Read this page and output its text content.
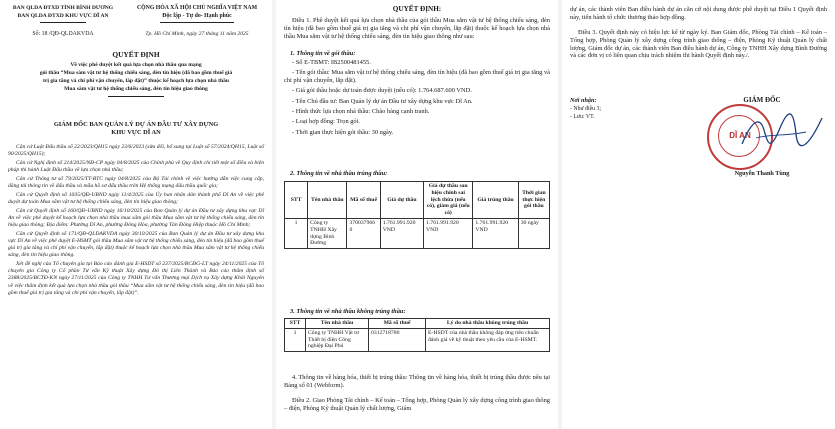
BAN QLDA ĐTXD TỈNH BÌNH DƯƠNG
BAN QLDA ĐTXD KHU VỰC DĨ AN
CỘNG HÒA XÃ HỘI CHỦ NGHĨA VIỆT NAM
Độc lập - Tự do- Hạnh phúc
Số: 18 /QĐ-QLDAKVDA	Tp. Hồ Chí Minh, ngày 27 tháng 11 năm 2025
QUYẾT ĐỊNH
Về việc phê duyệt kết quả lựa chọn nhà thầu qua mạng
gói thầu “Mua sắm vật tư hệ thống chiếu sáng, đèn tín hiệu (đã bao gồm thuế giá
trị gia tăng và chi phí vận chuyển, lắp đặt)” thuộc kế hoạch lựa chọn nhà thầu
Mua sắm vật tư hệ thống chiếu sáng, đèn tín hiệu giao thông
GIÁM ĐỐC BAN QUẢN LÝ DỰ ÁN ĐẦU TƯ XÂY DỰNG
KHU VỰC DĨ AN

Căn cứ Luật Đấu thầu số 22/2023/QH15 ngày 23/6/2023 (sửa đổi, bổ sung tại Luật số 57/2024/QH15, Luật số 90/2025/QH15);

Căn cứ Nghị định số 214/2025/NĐ-CP ngày 04/8/2025 của Chính phủ về Quy định chi tiết một số điều và biện pháp thi hành Luật Đấu thầu về lựa chọn nhà thầu;

Căn cứ Thông tư số 79/2025/TT-BTC ngày 04/8/2025 của Bộ Tài chính về việc hướng dẫn việc cung cấp, đăng tải thông tin về đấu thầu và mẫu hồ sơ đấu thầu trên Hệ thống mạng đấu thầu quốc gia;

Căn cứ Quyết định số 1035/QĐ-UBND ngày 11/4/2025 của Ủy ban nhân dân thành phố Dĩ An về việc phê duyệt dự toán Mua sắm vật tư hệ thống chiếu sáng, đèn tín hiệu giao thông;

Căn cứ Quyết định số 160/QĐ-UBND ngày 16/10/2025 của Ban Quản lý dự án Đầu tư xây dựng khu vực Dĩ An về việc phê duyệt kế hoạch lựa chọn nhà thầu mua sắm gói thầu Mua sắm vật tư hệ thống chiếu sáng, đèn tín hiệu giao thông; Địa điểm: Phường Dĩ An, phường Đông Hòa, phường Tân Đông Hiệp thuộc Hồ Chí Minh;

Căn cứ Quyết định số 171/QĐ-QLDAKVDA ngày 30/10/2025 của Ban Quản lý dự án Đầu tư xây dựng khu vực Dĩ An về việc phê duyệt E-HSMT gói thầu Mua sắm vật tư hệ thống chiếu sáng, đèn tín hiệu (đã bao gồm thuế giá trị gia tăng và chi phí vận chuyển, lắp đặt) thuộc kế hoạch lựa chọn nhà thầu Mua sắm vật tư hệ thống chiếu sáng, đèn tín hiệu giao thông.

Xét đề nghị của Tổ chuyên gia tại Báo cáo đánh giá E-HSDT số 237/2025/BCĐG-LT ngày 24/11/2025 của Tổ chuyên gia Công ty Cổ phần Tư vấn Kỹ thuật Xây dựng Đô thị Liên Thành và Báo cáo thẩm định số 2388/2025/BCTĐ-KN ngày 27/11/2025 của Công ty TNHH Tư vấn Thương mại Dịch vụ Xây dựng Khải Nguyên về việc thẩm định kết quả lựa chọn nhà thầu gói thầu “Mua sắm vật tư hệ thống chiếu sáng, đèn tín hiệu (đã bao gồm thuế giá trị gia tăng và chi phí vận chuyển, lắp đặt)”.

QUYẾT ĐỊNH:

Điều 1. Phê duyệt kết quả lựa chọn nhà thầu của gói thầu Mua sắm vật tư hệ thống chiếu sáng, đèn tín hiệu (đã bao gồm thuế giá trị gia tăng và chi phí vận chuyển, lắp đặt) thuộc kế hoạch lựa chọn nhà thầu Mua sắm vật tư hệ thống chiếu sáng, đèn tín hiệu giao thông như sau:

1. Thông tin về gói thầu:

- Số E-TBMT: IB2500481455.

- Tên gói thầu: Mua sắm vật tư hệ thống chiếu sáng, đèn tín hiệu (đã bao gồm thuế giá trị gia tăng và chi phí vận chuyển, lắp đặt).

- Giá gói thầu hoặc dự toán được duyệt (nếu có): 1.764.687.600 VND.

- Tên Chủ đầu tư: Ban Quản lý dự án Đầu tư xây dựng khu vực Dĩ An.

- Hình thức lựa chọn nhà thầu: Chào hàng cạnh tranh.

- Loại hợp đồng: Trọn gói.

- Thời gian thực hiện gói thầu: 30 ngày.

2. Thông tin về nhà thầu trúng thầu:
STT	Tên nhà thầu	Mã số thuế	Giá dự thầu	Giá dự thầu sau hiệu chỉnh sai lệch thừa (nếu có), giảm giá (nếu có)	Giá trúng thầu	Thời gian thực hiện gói thầu
1	Công ty TNHH Xây dựng Bình Đường	3700379660	1.761.991.920 VND	1.761.991.920 VND	1.761.991.920 VND	30 ngày
3. Thông tin về nhà thầu không trúng thầu:
STT	Tên nhà thầu	Mã số thuế	Lý do nhà thầu không trúng thầu
1	Công ty TNHH Vật tư Thiết bị điện Công nghiệp Đại Phú	0312718780	E-HSDT của nhà thầu không đáp ứng tiêu chuẩn đánh giá về kỹ thuật theo yêu cầu của E-HSMT.

4. Thông tin về hàng hóa, thiết bị trúng thầu: Thông tin về hàng hóa, thiết bị trúng thầu được nêu tại Bảng số 01 (Webform).

Điều 2. Giao Phòng Tài chính – Kế toán – Tổng hợp, Phòng Quản lý xây dựng công trình giao thông – điện, Phòng Kỹ thuật Quản lý chất lượng, Giám

dự án, các thành viên Ban điều hành dự án căn cứ nội dung được phê duyệt tại Điều 1 Quyết định này, tiến hành tổ chức thương thảo hợp đồng.

Điều 3. Quyết định này có hiệu lực kể từ ngày ký. Ban Giám đốc, Phòng Tài chính – Kế toán – Tổng hợp, Phòng Quản lý xây dựng công trình giao thông – điện, Phòng Kỹ thuật Quản lý chất lượng, Giám đốc dự án, các thành viên Ban điều hành dự án, Công ty TNHH Xây dựng Bình Đường và các đơn vị có liên quan chịu trách nhiệm thi hành Quyết định này./.

Nơi nhận:
- Như điều 3;
- Lưu: VT.
GIÁM ĐỐC
DĨ AN
Nguyễn Thanh Tùng
